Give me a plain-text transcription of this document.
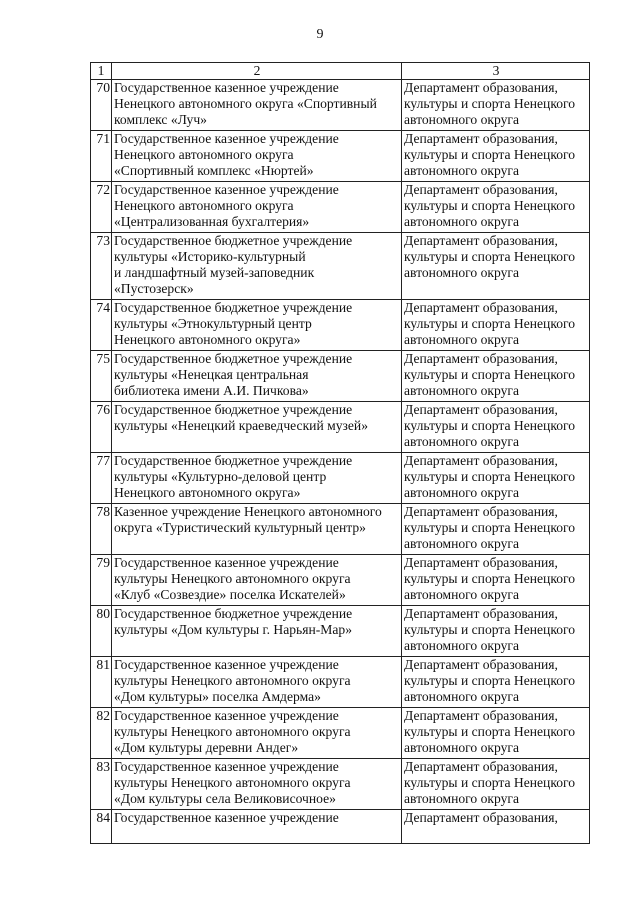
9
1	2	3
70	Государственное казенное учреждение
Ненецкого автономного округа «Спортивный
комплекс «Луч»	Департамент образования,
культуры и спорта Ненецкого
автономного округа

71	Государственное казенное учреждение
Ненецкого автономного округа
«Спортивный комплекс «Нюртей»	Департамент образования,
культуры и спорта Ненецкого
автономного округа

72	Государственное казенное учреждение
Ненецкого автономного округа
«Централизованная бухгалтерия»	Департамент образования,
культуры и спорта Ненецкого
автономного округа

73	Государственное бюджетное учреждение
культуры «Историко-культурный
и ландшафтный музей-заповедник
«Пустозерск»	Департамент образования,
культуры и спорта Ненецкого
автономного округа

74	Государственное бюджетное учреждение
культуры «Этнокультурный центр
Ненецкого автономного округа»	Департамент образования,
культуры и спорта Ненецкого
автономного округа

75	Государственное бюджетное учреждение
культуры «Ненецкая центральная
библиотека имени А.И. Пичкова»	Департамент образования,
культуры и спорта Ненецкого
автономного округа

76	Государственное бюджетное учреждение
культуры «Ненецкий краеведческий музей»	Департамент образования,
культуры и спорта Ненецкого
автономного округа

77	Государственное бюджетное учреждение
культуры «Культурно-деловой центр
Ненецкого автономного округа»	Департамент образования,
культуры и спорта Ненецкого
автономного округа

78	Казенное учреждение Ненецкого автономного
округа «Туристический культурный центр»	Департамент образования,
культуры и спорта Ненецкого
автономного округа

79	Государственное казенное учреждение
культуры Ненецкого автономного округа
«Клуб «Созвездие» поселка Искателей»	Департамент образования,
культуры и спорта Ненецкого
автономного округа

80	Государственное бюджетное учреждение
культуры «Дом культуры г. Нарьян-Мар»	Департамент образования,
культуры и спорта Ненецкого
автономного округа

81	Государственное казенное учреждение
культуры Ненецкого автономного округа
«Дом культуры» поселка Амдерма»	Департамент образования,
культуры и спорта Ненецкого
автономного округа

82	Государственное казенное учреждение
культуры Ненецкого автономного округа
«Дом культуры деревни Андег»	Департамент образования,
культуры и спорта Ненецкого
автономного округа

83	Государственное казенное учреждение
культуры Ненецкого автономного округа
«Дом культуры села Великовисочное»	Департамент образования,
культуры и спорта Ненецкого
автономного округа

84	Государственное казенное учреждение	Департамент образования,
